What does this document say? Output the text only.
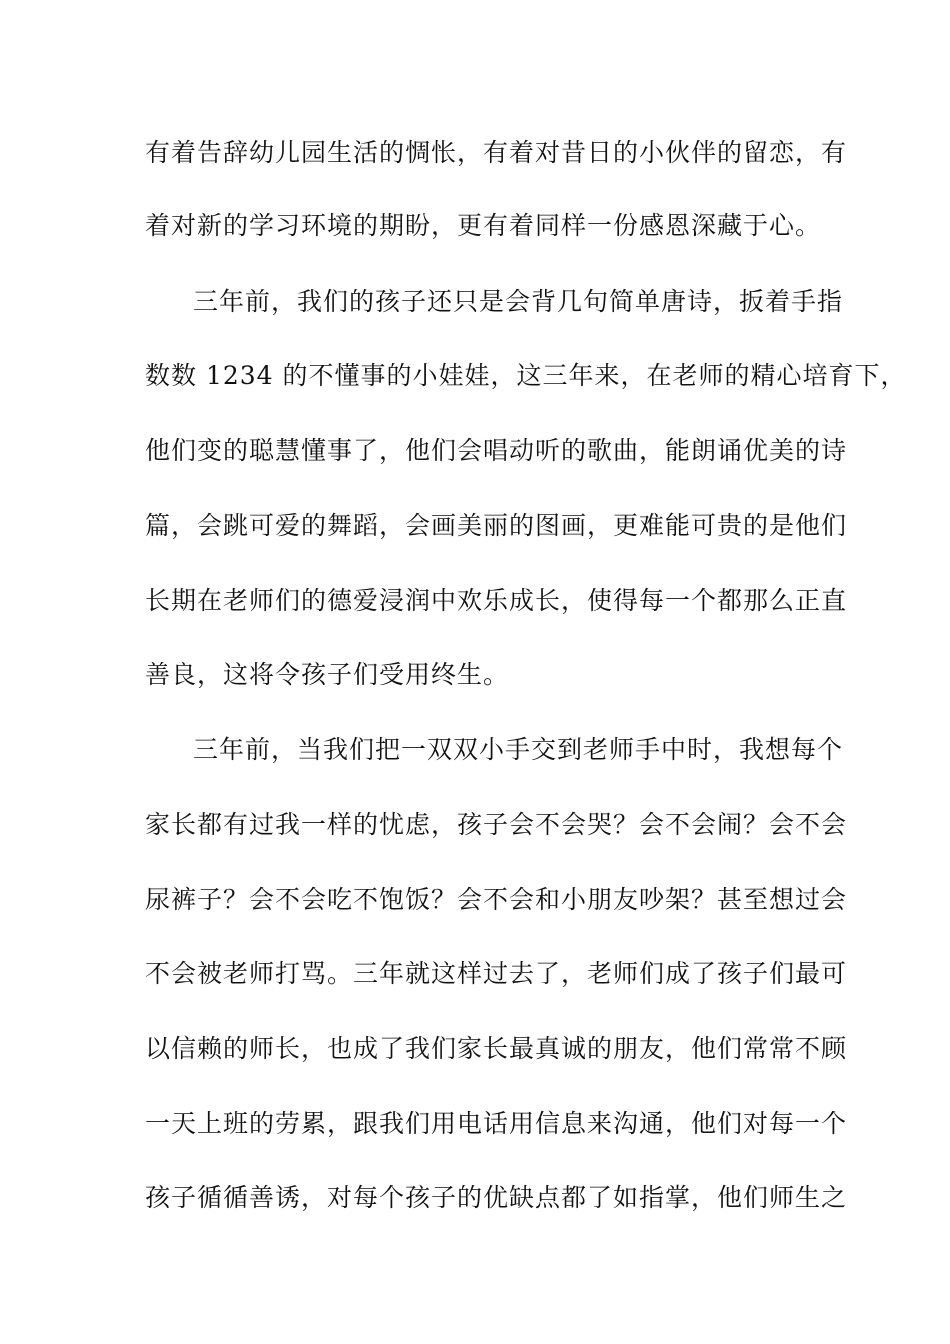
有着告辞幼儿园生活的惆怅，有着对昔日的小伙伴的留恋，有
着对新的学习环境的期盼，更有着同样一份感恩深藏于心。
三年前，我们的孩子还只是会背几句简单唐诗，扳着手指
数数 1234 的不懂事的小娃娃，这三年来，在老师的精心培育下，
他们变的聪慧懂事了，他们会唱动听的歌曲，能朗诵优美的诗
篇，会跳可爱的舞蹈，会画美丽的图画，更难能可贵的是他们
长期在老师们的德爱浸润中欢乐成长，使得每一个都那么正直
善良，这将令孩子们受用终生。
三年前，当我们把一双双小手交到老师手中时，我想每个
家长都有过我一样的忧虑，孩子会不会哭？会不会闹？会不会
尿裤子？会不会吃不饱饭？会不会和小朋友吵架？甚至想过会
不会被老师打骂。三年就这样过去了，老师们成了孩子们最可
以信赖的师长，也成了我们家长最真诚的朋友，他们常常不顾
一天上班的劳累，跟我们用电话用信息来沟通，他们对每一个
孩子循循善诱，对每个孩子的优缺点都了如指掌，他们师生之
